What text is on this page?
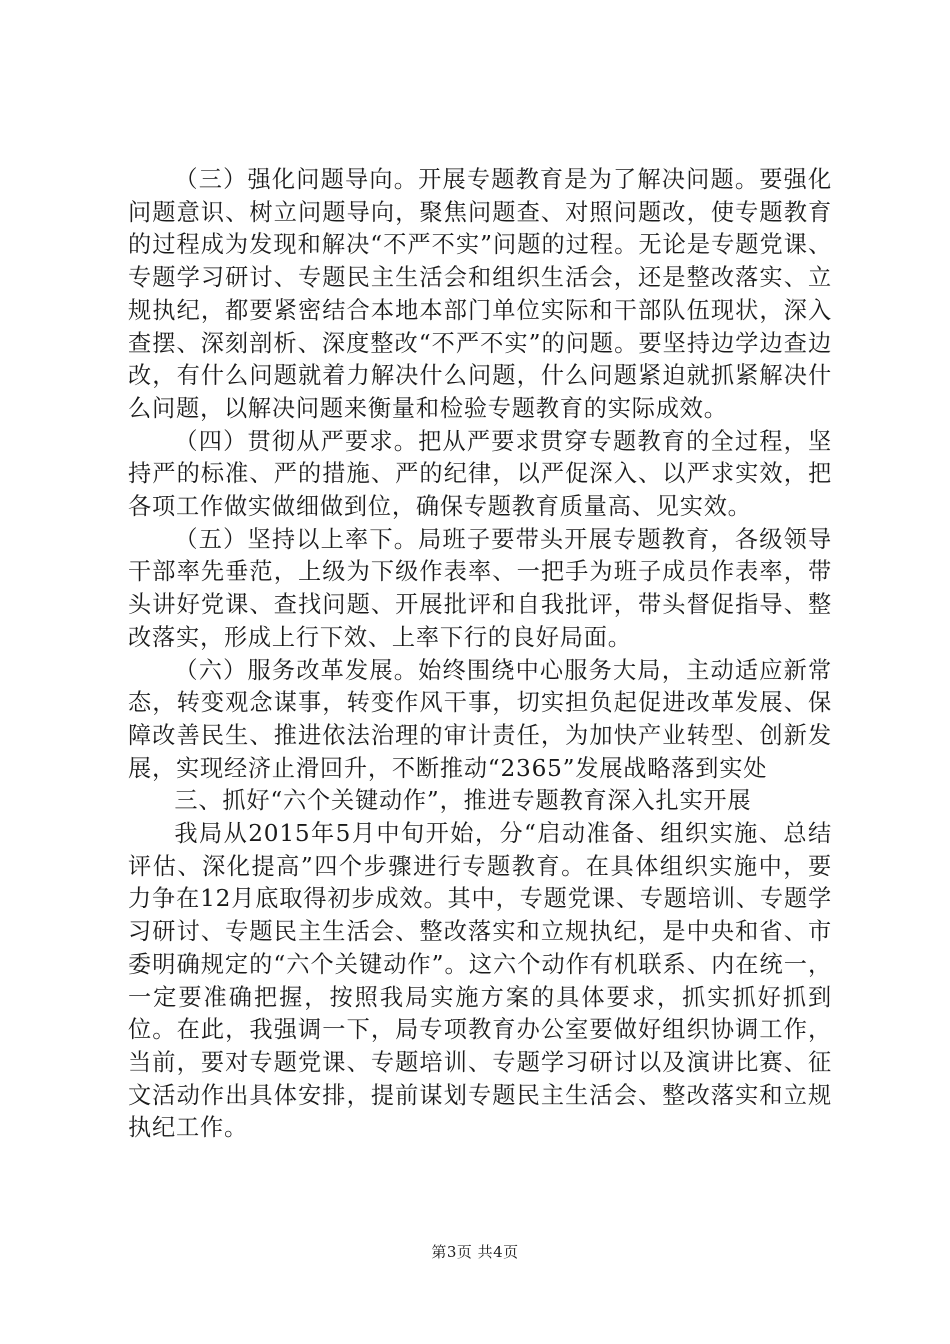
（三）强化问题导向。开展专题教育是为了解决问题。要强化问题意识、树立问题导向，聚焦问题查、对照问题改，使专题教育的过程成为发现和解决“不严不实”问题的过程。无论是专题党课、专题学习研讨、专题民主生活会和组织生活会，还是整改落实、立规执纪，都要紧密结合本地本部门单位实际和干部队伍现状，深入查摆、深刻剖析、深度整改“不严不实”的问题。要坚持边学边查边改，有什么问题就着力解决什么问题，什么问题紧迫就抓紧解决什么问题，以解决问题来衡量和检验专题教育的实际成效。

（四）贯彻从严要求。把从严要求贯穿专题教育的全过程，坚持严的标准、严的措施、严的纪律，以严促深入、以严求实效，把各项工作做实做细做到位，确保专题教育质量高、见实效。

（五）坚持以上率下。局班子要带头开展专题教育，各级领导干部率先垂范，上级为下级作表率、一把手为班子成员作表率，带头讲好党课、查找问题、开展批评和自我批评，带头督促指导、整改落实，形成上行下效、上率下行的良好局面。

（六）服务改革发展。始终围绕中心服务大局，主动适应新常态，转变观念谋事，转变作风干事，切实担负起促进改革发展、保障改善民生、推进依法治理的审计责任，为加快产业转型、创新发展，实现经济止滑回升，不断推动“2365”发展战略落到实处

三、抓好“六个关键动作”，推进专题教育深入扎实开展

我局从2015年5月中旬开始，分“启动准备、组织实施、总结评估、深化提高”四个步骤进行专题教育。在具体组织实施中，要力争在12月底取得初步成效。其中，专题党课、专题培训、专题学习研讨、专题民主生活会、整改落实和立规执纪，是中央和省、市委明确规定的“六个关键动作”。这六个动作有机联系、内在统一，一定要准确把握，按照我局实施方案的具体要求，抓实抓好抓到位。在此，我强调一下，局专项教育办公室要做好组织协调工作，当前，要对专题党课、专题培训、专题学习研讨以及演讲比赛、征文活动作出具体安排，提前谋划专题民主生活会、整改落实和立规执纪工作。

第3页 共4页
